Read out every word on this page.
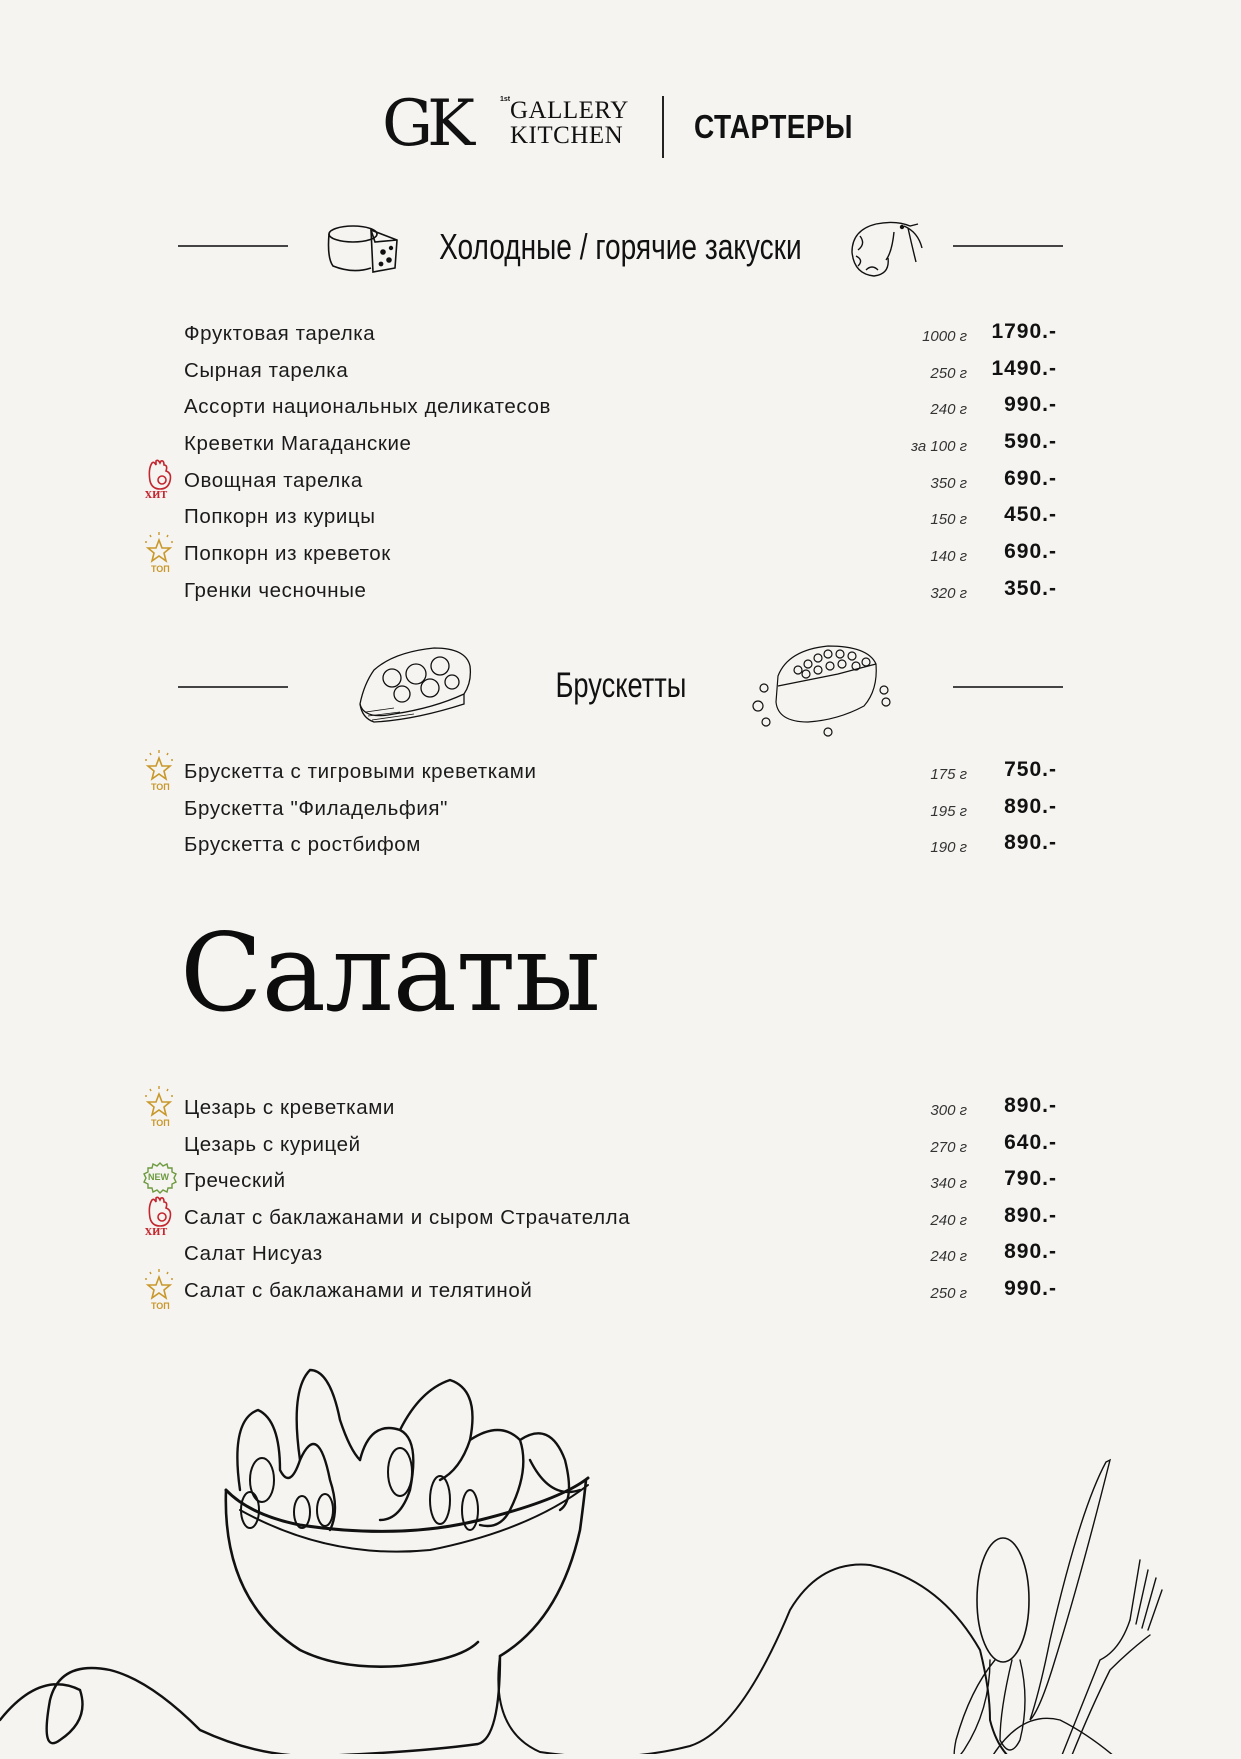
GK	1st GALLERY
KITCHEN СТАРТЕРЫ
Холодные / горячие закуски
Фруктовая тарелка	1000 г 1790.-
Сырная тарелка	250 г 1490.-
Ассорти национальных деликатесов	240 г 990.-
Креветки Магаданские	за 100 г 590.-
ХИТ
Овощная тарелка	350 г 690.-
Попкорн из курицы	150 г 450.-
ТОП
Попкорн из креветок	140 г 690.-
Гренки чесночные	320 г 350.-
Брускетты
ТОП
Брускетта с тигровыми креветками	175 г 750.-
Брускетта "Филадельфия"	195 г 890.-
Брускетта с ростбифом	190 г 890.-
Салаты
ТОП
Цезарь с креветками	300 г 890.-
Цезарь с курицей	270 г 640.-
NEW Греческий	340 г 790.-
ХИТ
Салат с баклажанами и сыром Страчателла	240 г 890.-
Салат Нисуаз	240 г 890.-
ТОП
Салат с баклажанами и телятиной	250 г 990.-
